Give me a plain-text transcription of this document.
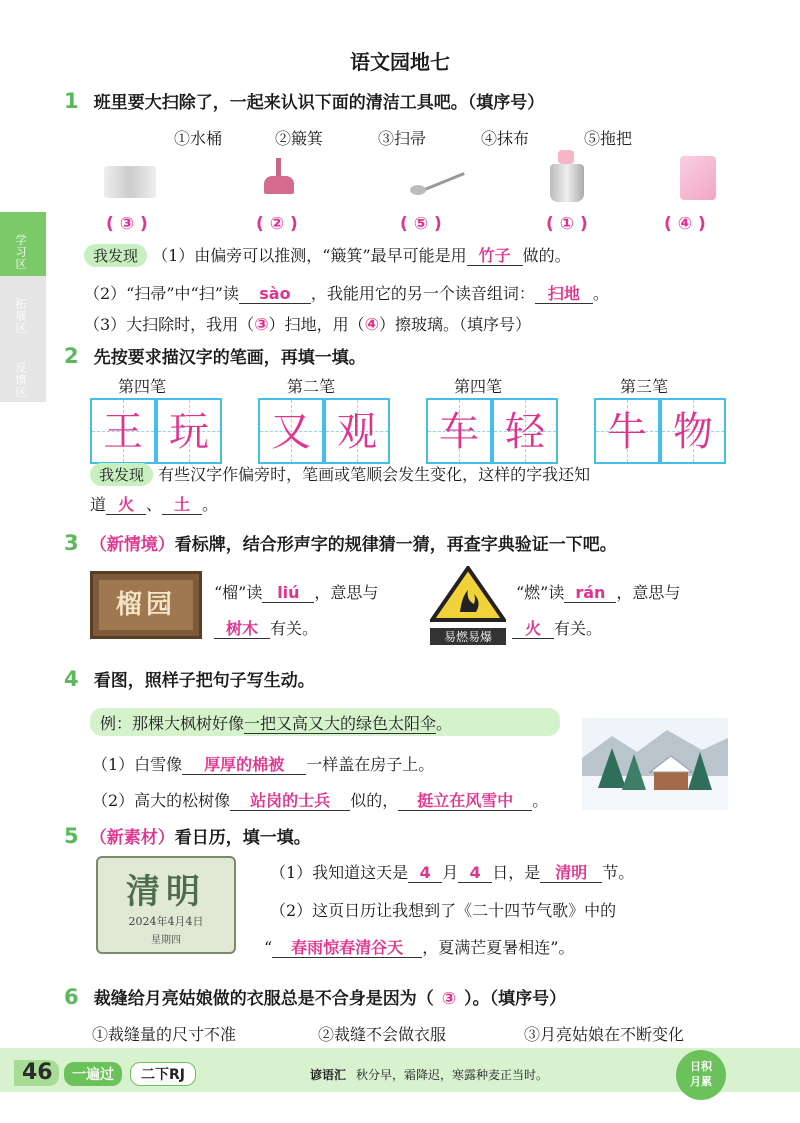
学习区
拓展区
反馈区
语文园地七
1 班里要大扫除了，一起来认识下面的清洁工具吧。（填序号）
①水桶	②簸箕	③扫帚	④抹布	⑤拖把
( ③ )	( ② )	( ⑤ )	( ① )	( ④ )
我发现 （1）由偏旁可以推测，“簸箕”最早可能是用 竹子 做的。
（2）“扫帚”中“扫”读 sào ，我能用它的另一个读音组词： 扫地 。
（3）大扫除时，我用（③）扫地，用（④）擦玻璃。（填序号）
2 先按要求描汉字的笔画，再填一填。
第四笔	第二笔	第四笔	第三笔
王 玩 又 观 车 轻 牛 物
我发现 有些汉字作偏旁时，笔画或笔顺会发生变化，这样的字我还知
道 火 、 土 。
3 （新情境）看标牌，结合形声字的规律猜一猜，再查字典验证一下吧。
榴园	“榴”读 liú ，意思与
树木 有关。	易燃易爆
“燃”读 rán ，意思与
火 有关。
4 看图，照样子把句子写生动。
例：那棵大枫树好像一把又高又大的绿色太阳伞。
（1）白雪像 厚厚的棉被 一样盖在房子上。
（2）高大的松树像 站岗的士兵 似的， 挺立在风雪中 。
5 （新素材）看日历，填一填。
清明
2024年4月4日
星期四
（1）我知道这天是 4 月 4 日，是 清明 节。
（2）这页日历让我想到了《二十四节气歌》中的
“ 春雨惊春清谷天 ，夏满芒夏暑相连”。
6 裁缝给月亮姑娘做的衣服总是不合身是因为（ ③ ）。（填序号）
①裁缝量的尺寸不准	②裁缝不会做衣服	③月亮姑娘在不断变化
46	一遍过	二下RJ	谚语汇 秋分早，霜降迟，寒露种麦正当时。
日积
月累
